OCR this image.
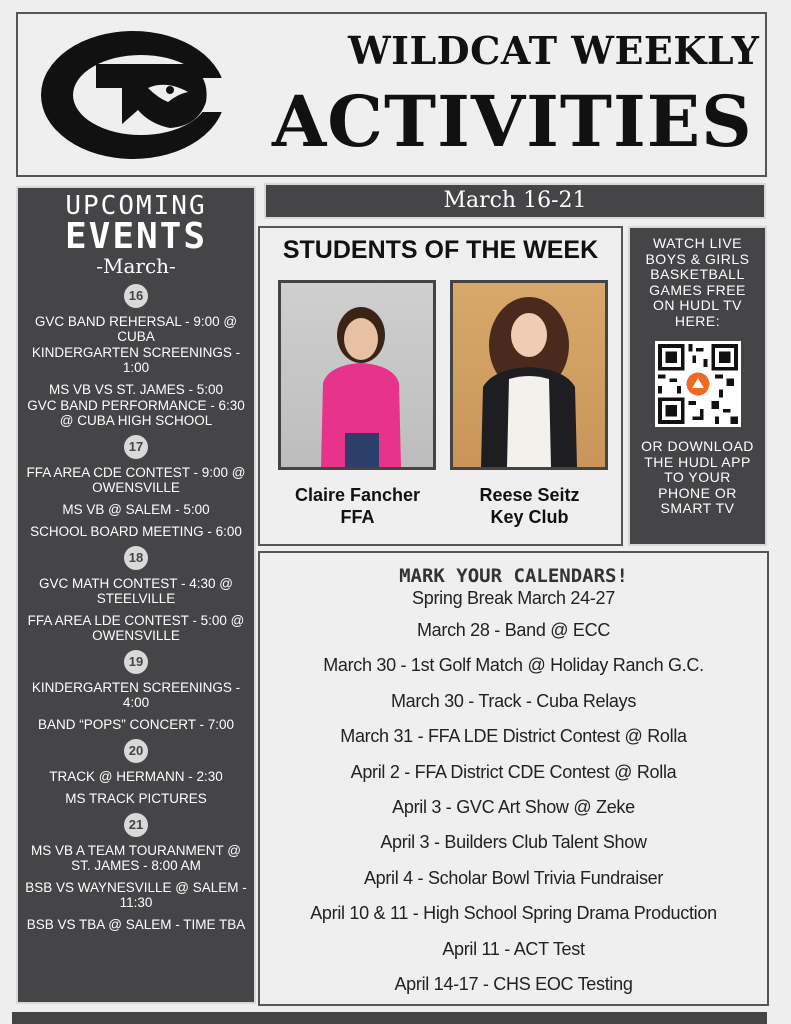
WILDCAT WEEKLY
ACTIVITIES
UPCOMING
EVENTS
-March-
16
GVC BAND REHERSAL - 9:00 @ CUBA
KINDERGARTEN SCREENINGS - 1:00
MS VB VS ST. JAMES - 5:00
GVC BAND PERFORMANCE - 6:30 @ CUBA HIGH SCHOOL
17
FFA AREA CDE CONTEST - 9:00 @ OWENSVILLE
MS VB @ SALEM - 5:00
SCHOOL BOARD MEETING - 6:00
18
GVC MATH CONTEST - 4:30 @ STEELVILLE
FFA AREA LDE CONTEST - 5:00 @ OWENSVILLE
19
KINDERGARTEN SCREENINGS - 4:00
BAND “POPS” CONCERT - 7:00
20
TRACK @ HERMANN - 2:30
MS TRACK PICTURES
21
MS VB A TEAM TOURANMENT @ ST. JAMES - 8:00 AM
BSB VS WAYNESVILLE @ SALEM - 11:30
BSB VS TBA @ SALEM - TIME TBA
March 16-21
STUDENTS OF THE WEEK
Claire Fancher
FFA
Reese Seitz
Key Club
WATCH LIVE BOYS & GIRLS BASKETBALL GAMES FREE ON HUDL TV HERE:
OR DOWNLOAD THE HUDL APP TO YOUR PHONE OR SMART TV
MARK YOUR CALENDARS!
Spring Break March 24-27
March 28 - Band @ ECC
March 30 - 1st Golf Match @ Holiday Ranch G.C.
March 30 - Track - Cuba Relays
March 31 - FFA LDE District Contest @ Rolla
April 2 - FFA District CDE Contest @ Rolla
April 3 - GVC Art Show @ Zeke
April 3 - Builders Club Talent Show
April 4 - Scholar Bowl Trivia Fundraiser
April 10 & 11 - High School Spring Drama Production
April 11 - ACT Test
April 14-17 - CHS EOC Testing
